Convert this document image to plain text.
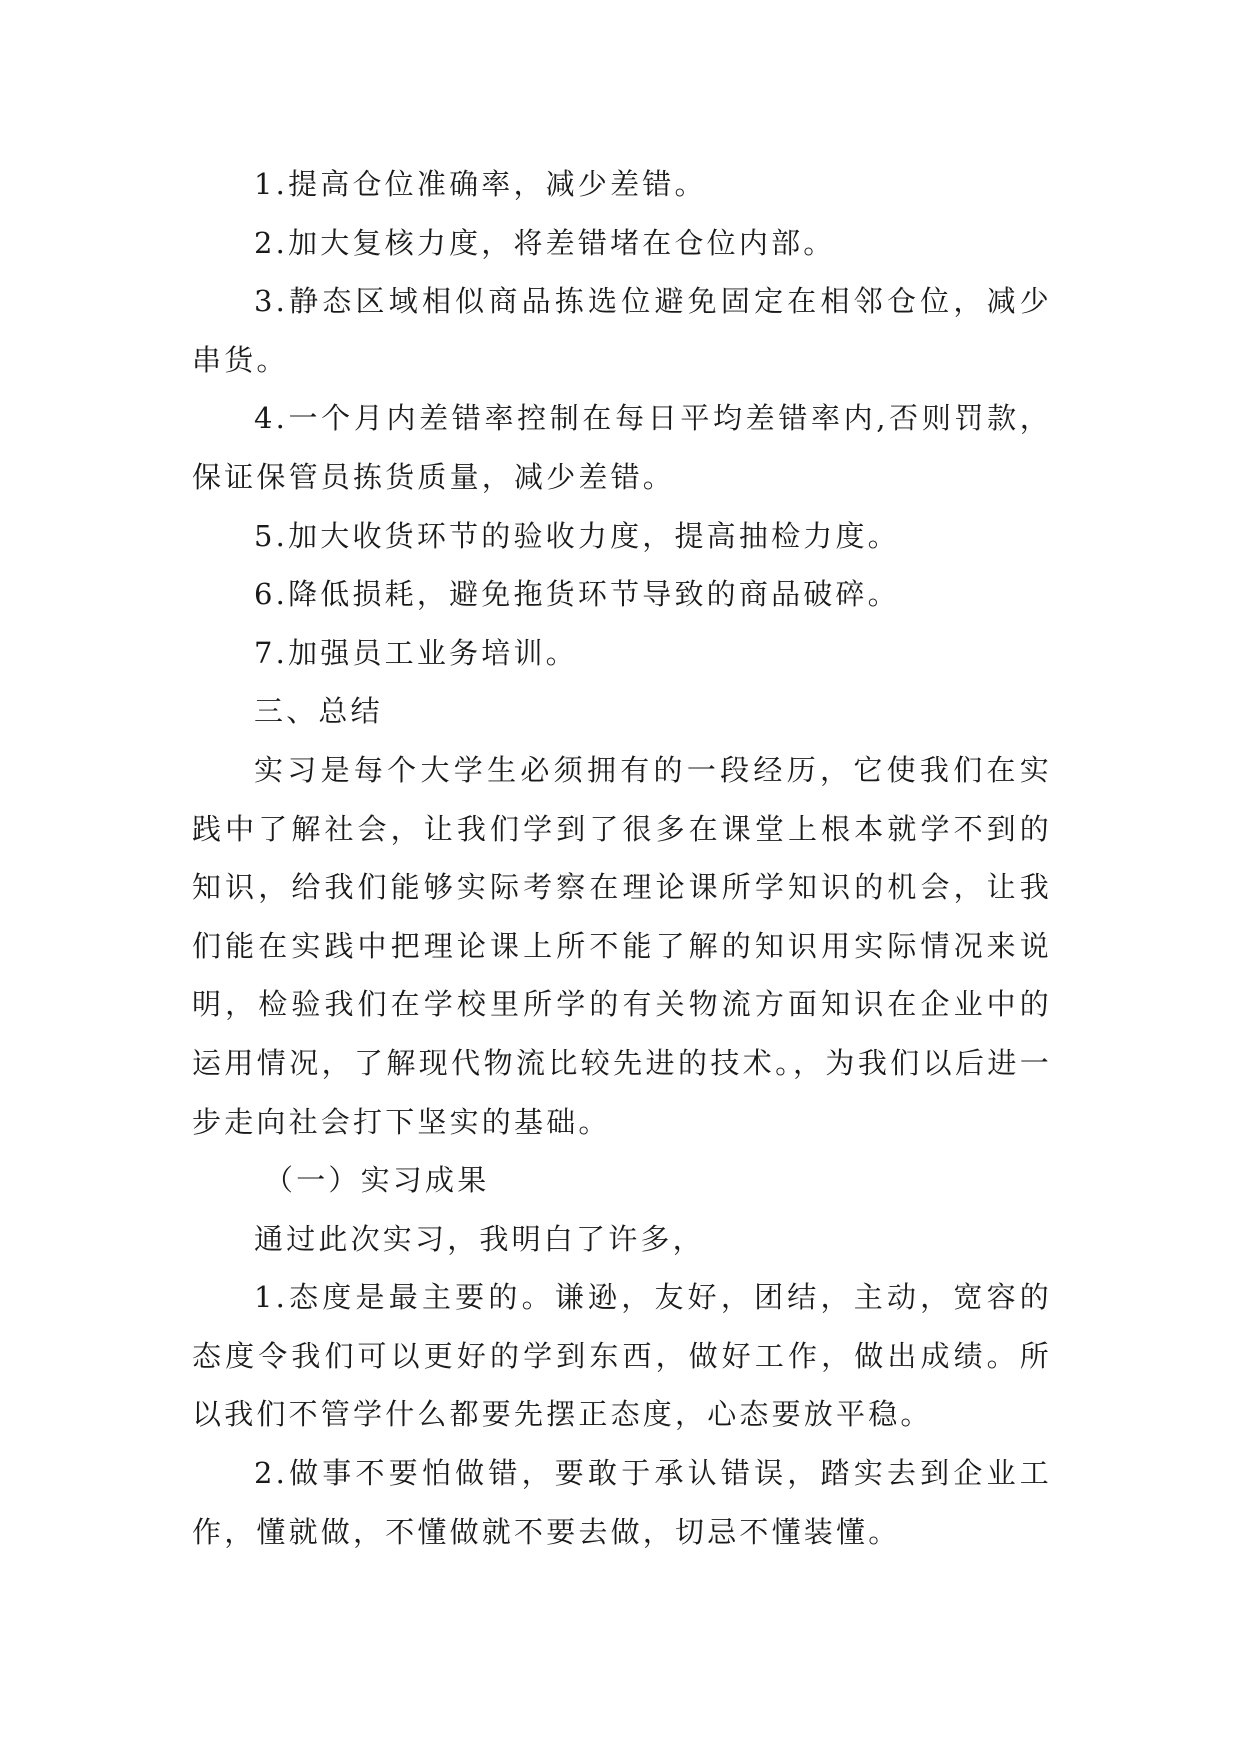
1.提高仓位准确率，减少差错。

2.加大复核力度，将差错堵在仓位内部。

3.静态区域相似商品拣选位避免固定在相邻仓位，减少串货。

4.一个月内差错率控制在每日平均差错率内,否则罚款，保证保管员拣货质量，减少差错。

5.加大收货环节的验收力度，提高抽检力度。

6.降低损耗，避免拖货环节导致的商品破碎。

7.加强员工业务培训。

三、总结

实习是每个大学生必须拥有的一段经历，它使我们在实践中了解社会，让我们学到了很多在课堂上根本就学不到的知识，给我们能够实际考察在理论课所学知识的机会，让我们能在实践中把理论课上所不能了解的知识用实际情况来说明，检验我们在学校里所学的有关物流方面知识在企业中的运用情况，了解现代物流比较先进的技术。，为我们以后进一步走向社会打下坚实的基础。

（一）实习成果

通过此次实习，我明白了许多，

1.态度是最主要的。谦逊，友好，团结，主动，宽容的态度令我们可以更好的学到东西，做好工作，做出成绩。所以我们不管学什么都要先摆正态度，心态要放平稳。

2.做事不要怕做错，要敢于承认错误，踏实去到企业工作，懂就做，不懂做就不要去做，切忌不懂装懂。
